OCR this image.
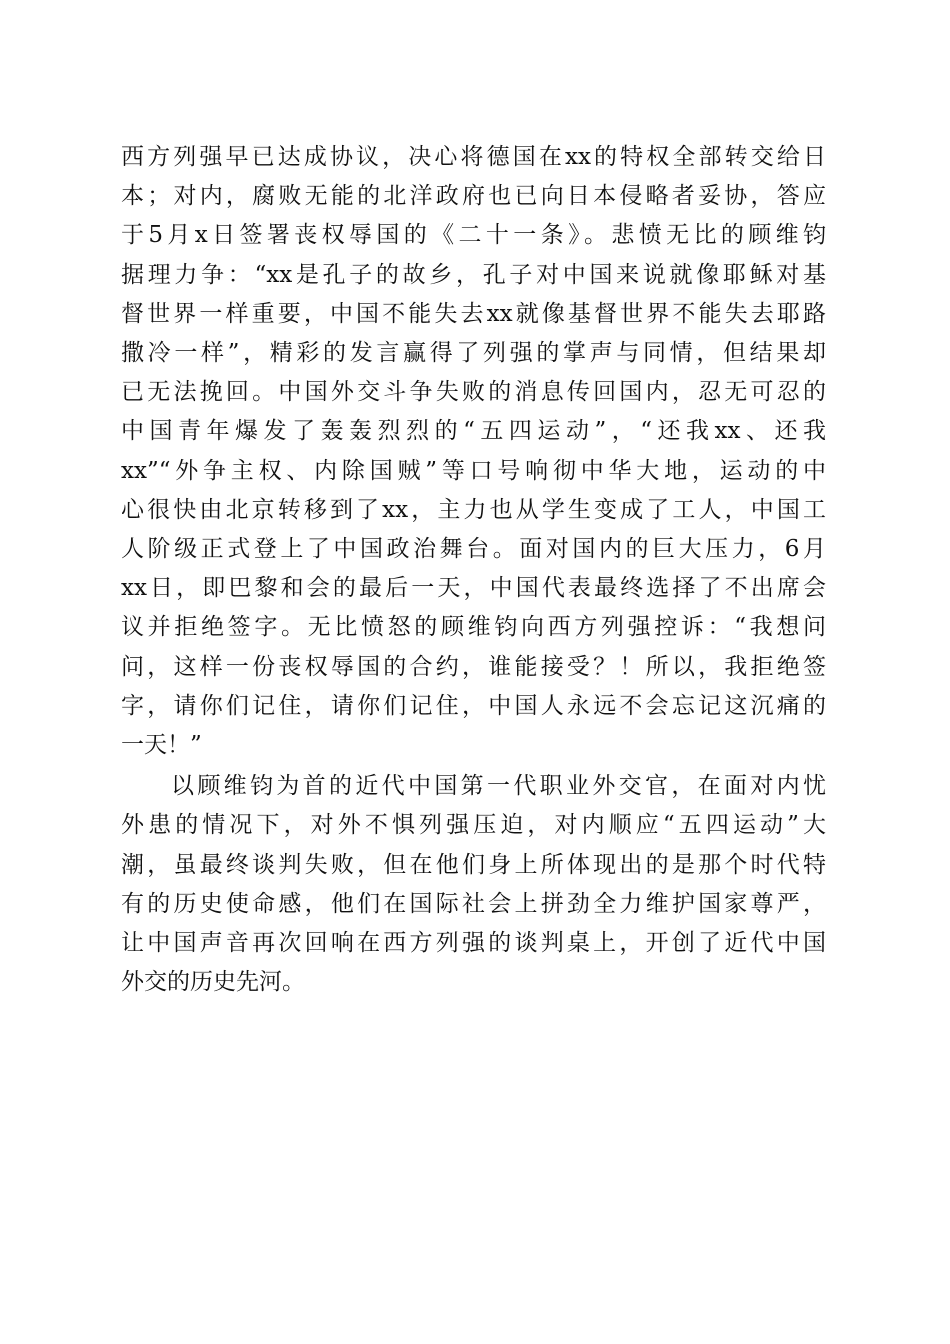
西方列强早已达成协议，决心将德国在xx的特权全部转交给日
本；对内，腐败无能的北洋政府也已向日本侵略者妥协，答应
于5月x日签署丧权辱国的《二十一条》。悲愤无比的顾维钧
据理力争：“xx是孔子的故乡，孔子对中国来说就像耶稣对基
督世界一样重要，中国不能失去xx就像基督世界不能失去耶路
撒冷一样”，精彩的发言赢得了列强的掌声与同情，但结果却
已无法挽回。中国外交斗争失败的消息传回国内，忍无可忍的
中国青年爆发了轰轰烈烈的“五四运动”，“还我xx、还我
xx”“外争主权、内除国贼”等口号响彻中华大地，运动的中
心很快由北京转移到了xx，主力也从学生变成了工人，中国工
人阶级正式登上了中国政治舞台。面对国内的巨大压力，6月
xx日，即巴黎和会的最后一天，中国代表最终选择了不出席会
议并拒绝签字。无比愤怒的顾维钧向西方列强控诉：“我想问
问，这样一份丧权辱国的合约，谁能接受？！所以，我拒绝签
字，请你们记住，请你们记住，中国人永远不会忘记这沉痛的
一天！”
以顾维钧为首的近代中国第一代职业外交官，在面对内忧
外患的情况下，对外不惧列强压迫，对内顺应“五四运动”大
潮，虽最终谈判失败，但在他们身上所体现出的是那个时代特
有的历史使命感，他们在国际社会上拼劲全力维护国家尊严，
让中国声音再次回响在西方列强的谈判桌上，开创了近代中国
外交的历史先河。
